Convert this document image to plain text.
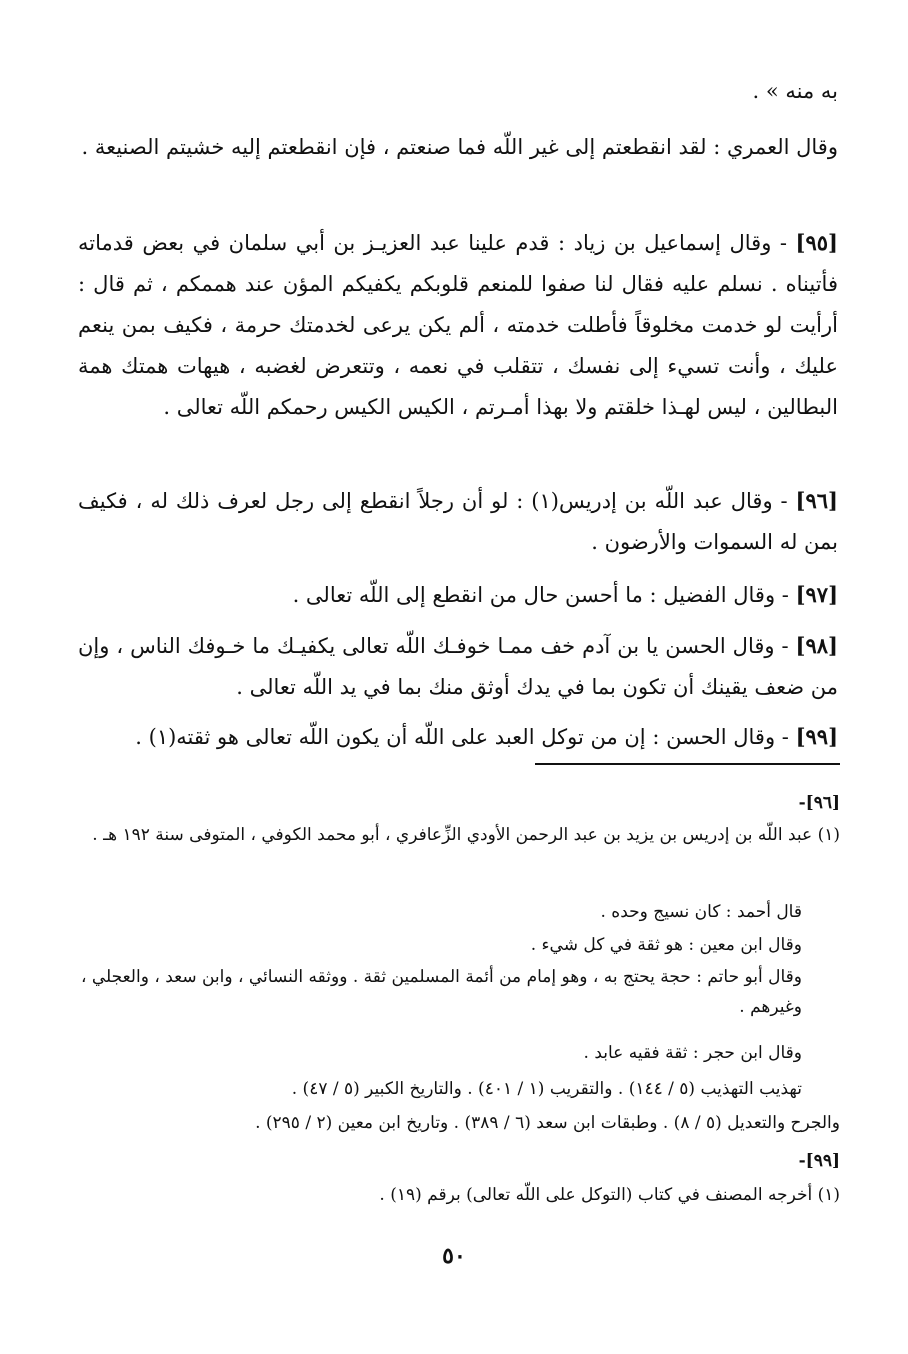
به منه » .
وقال العمري : لقد انقطعتم إلى غير اللّه فما صنعتم ، فإن انقطعتم إليه خشيتم الصنيعة .
[٩٥] - وقال إسماعيل بن زياد : قدم علينا عبد العزيـز بن أبي سلمان في بعض قدماته فأتيناه . نسلم عليه فقال لنا صفوا للمنعم قلوبكم يكفيكم المؤن عند هممكم ، ثم قال : أرأيت لو خدمت مخلوقاً فأطلت خدمته ، ألم يكن يرعى لخدمتك حرمة ، فكيف بمن ينعم عليك ، وأنت تسيء إلى نفسك ، تتقلب في نعمه ، وتتعرض لغضبه ، هيهات همتك همة البطالين ، ليس لهـذا خلقتم ولا بهذا أمـرتم ، الكيس الكيس رحمكم اللّه تعالى .
[٩٦] - وقال عبد اللّه بن إدريس(١) : لو أن رجلاً انقطع إلى رجل لعرف ذلك له ، فكيف بمن له السموات والأرضون .
[٩٧] - وقال الفضيل : ما أحسن حال من انقطع إلى اللّه تعالى .
[٩٨] - وقال الحسن يا بن آدم خف ممـا خوفـك اللّه تعالى يكفيـك ما خـوفك الناس ، وإن من ضعف يقينك أن تكون بما في يدك أوثق منك بما في يد اللّه تعالى .
[٩٩] - وقال الحسن : إن من توكل العبد على اللّه أن يكون اللّه تعالى هو ثقته(١) .
[٩٦]-
(١) عبد اللّه بن إدريس بن يزيد بن عبد الرحمن الأودي الزِّعافري ، أبو محمد الكوفي ، المتوفى سنة ١٩٢ هـ .
قال أحمد : كان نسيج وحده .
وقال ابن معين : هو ثقة في كل شيء .
وقال أبو حاتم : حجة يحتج به ، وهو إمام من أئمة المسلمين ثقة . ووثقه النسائي ، وابن سعد ، والعجلي ، وغيرهم .
وقال ابن حجر : ثقة فقيه عابد .
تهذيب التهذيب (٥ / ١٤٤) . والتقريب (١ / ٤٠١) . والتاريخ الكبير (٥ / ٤٧) .
والجرح والتعديل (٥ / ٨) . وطبقات ابن سعد (٦ / ٣٨٩) . وتاريخ ابن معين (٢ / ٢٩٥) .
[٩٩]-
(١) أخرجه المصنف في كتاب (التوكل على اللّه تعالى) برقم (١٩) .
٥٠
